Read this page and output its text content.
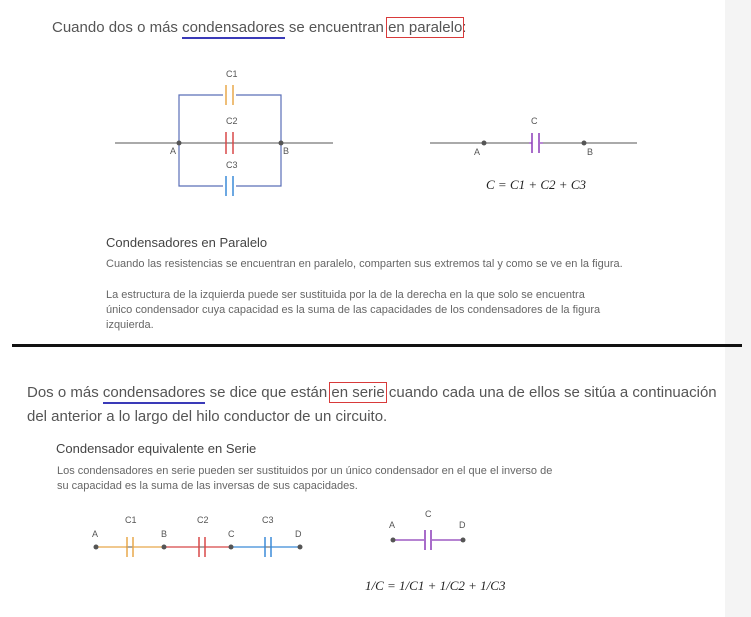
Cuando dos o más condensadores se encuentran en paralelo:
C1
C2
C3
A	B
C
A	B
C = C1 + C2 + C3
A	B	C	D
C1	C2	C3
C
A	D
1/C = 1/C1 + 1/C2 + 1/C3
Condensadores en Paralelo
Cuando las resistencias se encuentran en paralelo, comparten sus extremos tal y como se ve en la figura.
La estructura de la izquierda puede ser sustituida por la de la derecha en la que solo se encuentra
único condensador cuya capacidad es la suma de las capacidades de los condensadores de la figura
izquierda.
Dos o más condensadores se dice que están en serie cuando cada una de ellos se sitúa a continuación del anterior a lo largo del hilo conductor de un circuito.
Condensador equivalente en Serie
Los condensadores en serie pueden ser sustituidos por un único condensador en el que el inverso de
su capacidad es la suma de las inversas de sus capacidades.
